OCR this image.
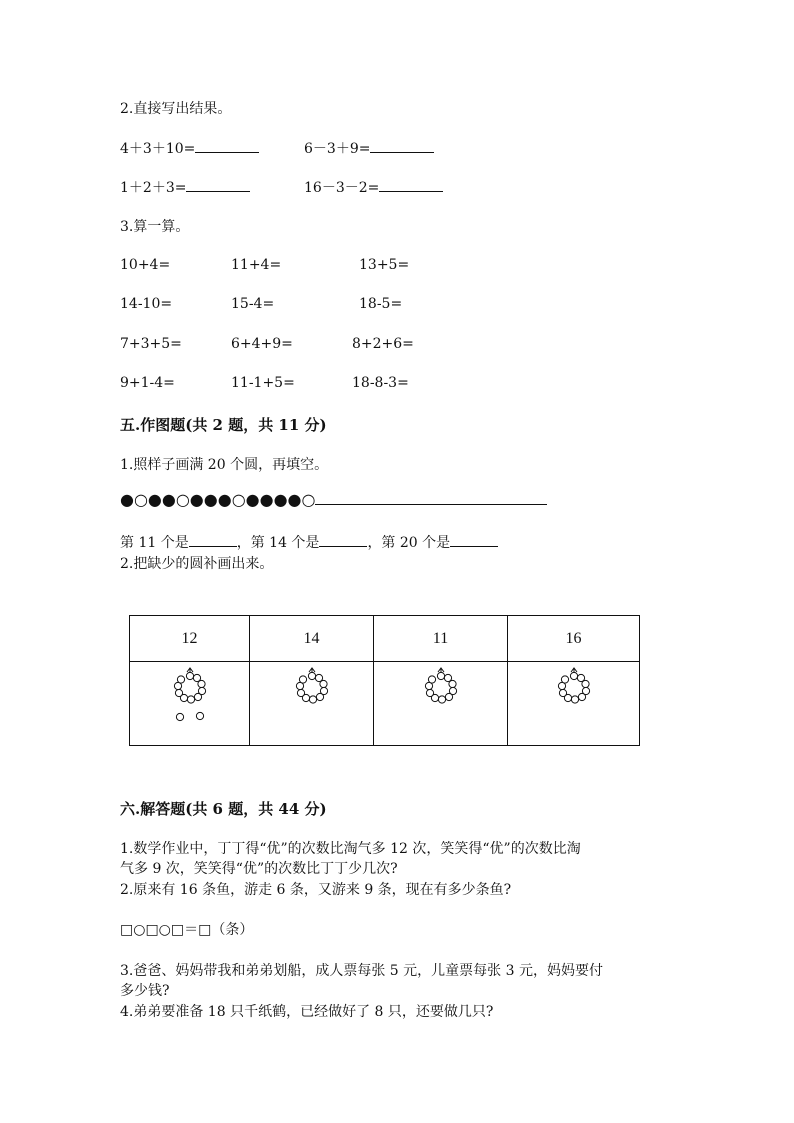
2.直接写出结果。
4＋3＋10=	6－3＋9=
1＋2＋3=	16－3－2=
3.算一算。
10+4=	11+4=	13+5=
14-10=	15-4=	18-5=
7+3+5=	6+4+9=	8+2+6=
9+1-4=	11-1+5=	18-8-3=
五.作图题(共 2 题，共 11 分)
1.照样子画满 20 个圆，再填空。
●○●●○●●●○●●●●○
第 11 个是	，第 14 个是	，第 20 个是
2.把缺少的圆补画出来。
12	14	11	16

六.解答题(共 6 题，共 44 分)
1.数学作业中，丁丁得“优”的次数比淘气多 12 次，笑笑得“优”的次数比淘
气多 9 次，笑笑得“优”的次数比丁丁少几次?
2.原来有 16 条鱼，游走 6 条，又游来 9 条，现在有多少条鱼?
□○□○□＝□（条）
3.爸爸、妈妈带我和弟弟划船，成人票每张 5 元，儿童票每张 3 元，妈妈要付
多少钱?
4.弟弟要准备 18 只千纸鹤，已经做好了 8 只，还要做几只?
